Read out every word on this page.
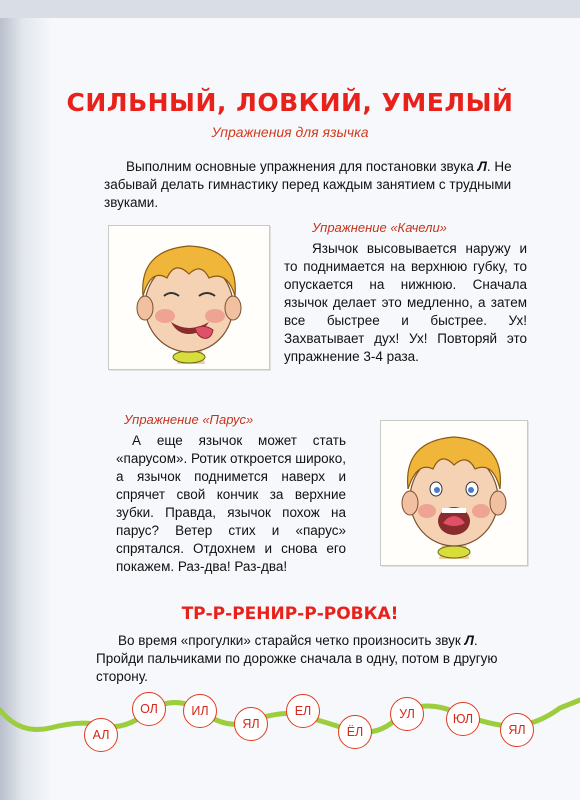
СИЛЬНЫЙ, ЛОВКИЙ, УМЕЛЫЙ
Упражнения для язычка
Выполним основные упражнения для постановки звука Л. Не забывай делать гимнастику перед каждым занятием с трудными звуками.
Упражнение «Качели»
Язычок высовывается наружу и то поднимается на верхнюю губку, то опускается на нижнюю. Сначала язычок делает это медленно, а затем все быстрее и быстрее. Ух! Захватывает дух! Ух! Повторяй это упражнение 3-4 раза.
Упражнение «Парус»
А еще язычок может стать «парусом». Ротик откроется широко, а язычок поднимется наверх и спрячет свой кончик за верхние зубки. Правда, язычок похож на парус? Ветер стих и «парус» спрятался. Отдохнем и снова его покажем. Раз-два! Раз-два!
ТР-Р-РЕНИР-Р-РОВКА!
Во время «прогулки» старайся четко произносить звук Л. Пройди пальчиками по дорожке сначала в одну, потом в другую сторону.
АЛ
ОЛ	ИЛ
ЯЛ
ЕЛ
ЁЛ
УЛ	ЮЛ
ЯЛ
